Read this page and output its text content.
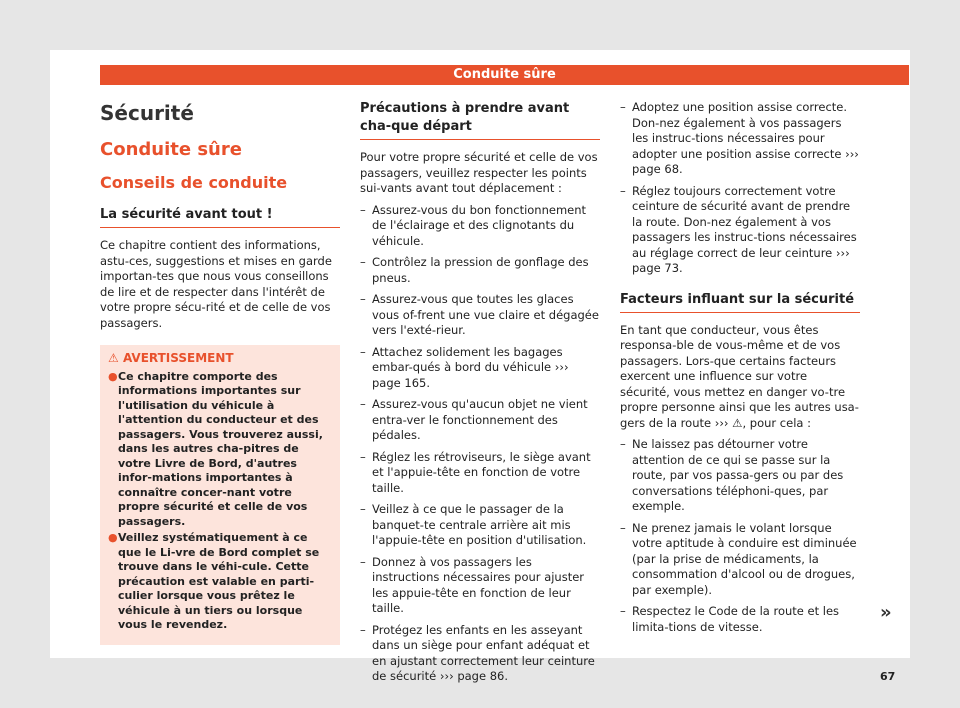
Conduite sûre
Sécurité
Conduite sûre
Conseils de conduite
La sécurité avant tout !

Ce chapitre contient des informations, astu-ces, suggestions et mises en garde importan-tes que nous vous conseillons de lire et de respecter dans l'intérêt de votre propre sécu-rité et de celle de vos passagers.

⚠ AVERTISSEMENT
● Ce chapitre comporte des informations importantes sur l'utilisation du véhicule à l'attention du conducteur et des passagers. Vous trouverez aussi, dans les autres cha-pitres de votre Livre de Bord, d'autres infor-mations importantes à connaître concer-nant votre propre sécurité et celle de vos passagers.
● Veillez systématiquement à ce que le Li-vre de Bord complet se trouve dans le véhi-cule. Cette précaution est valable en parti-culier lorsque vous prêtez le véhicule à un tiers ou lorsque vous le revendez.
Précautions à prendre avant cha-que départ

Pour votre propre sécurité et celle de vos passagers, veuillez respecter les points sui-vants avant tout déplacement :

– Assurez-vous du bon fonctionnement de l'éclairage et des clignotants du véhicule.
– Contrôlez la pression de gonflage des pneus.
– Assurez-vous que toutes les glaces vous of-frent une vue claire et dégagée vers l'exté-rieur.
– Attachez solidement les bagages embar-qués à bord du véhicule ››› page 165.
– Assurez-vous qu'aucun objet ne vient entra-ver le fonctionnement des pédales.
– Réglez les rétroviseurs, le siège avant et l'appuie-tête en fonction de votre taille.
– Veillez à ce que le passager de la banquet-te centrale arrière ait mis l'appuie-tête en position d'utilisation.
– Donnez à vos passagers les instructions nécessaires pour ajuster les appuie-tête en fonction de leur taille.
– Protégez les enfants en les asseyant dans un siège pour enfant adéquat et en ajustant correctement leur ceinture de sécurité ››› page 86.
– Adoptez une position assise correcte. Don-nez également à vos passagers les instruc-tions nécessaires pour adopter une position assise correcte ››› page 68.
– Réglez toujours correctement votre ceinture de sécurité avant de prendre la route. Don-nez également à vos passagers les instruc-tions nécessaires au réglage correct de leur ceinture ››› page 73.
Facteurs influant sur la sécurité

En tant que conducteur, vous êtes responsa-ble de vous-même et de vos passagers. Lors-que certains facteurs exercent une influence sur votre sécurité, vous mettez en danger vo-tre propre personne ainsi que les autres usa-gers de la route ››› ⚠, pour cela :

– Ne laissez pas détourner votre attention de ce qui se passe sur la route, par vos passa-gers ou par des conversations téléphoni-ques, par exemple.
– Ne prenez jamais le volant lorsque votre aptitude à conduire est diminuée (par la prise de médicaments, la consommation d'alcool ou de drogues, par exemple).
– Respectez le Code de la route et les limita-tions de vitesse.
»
67
